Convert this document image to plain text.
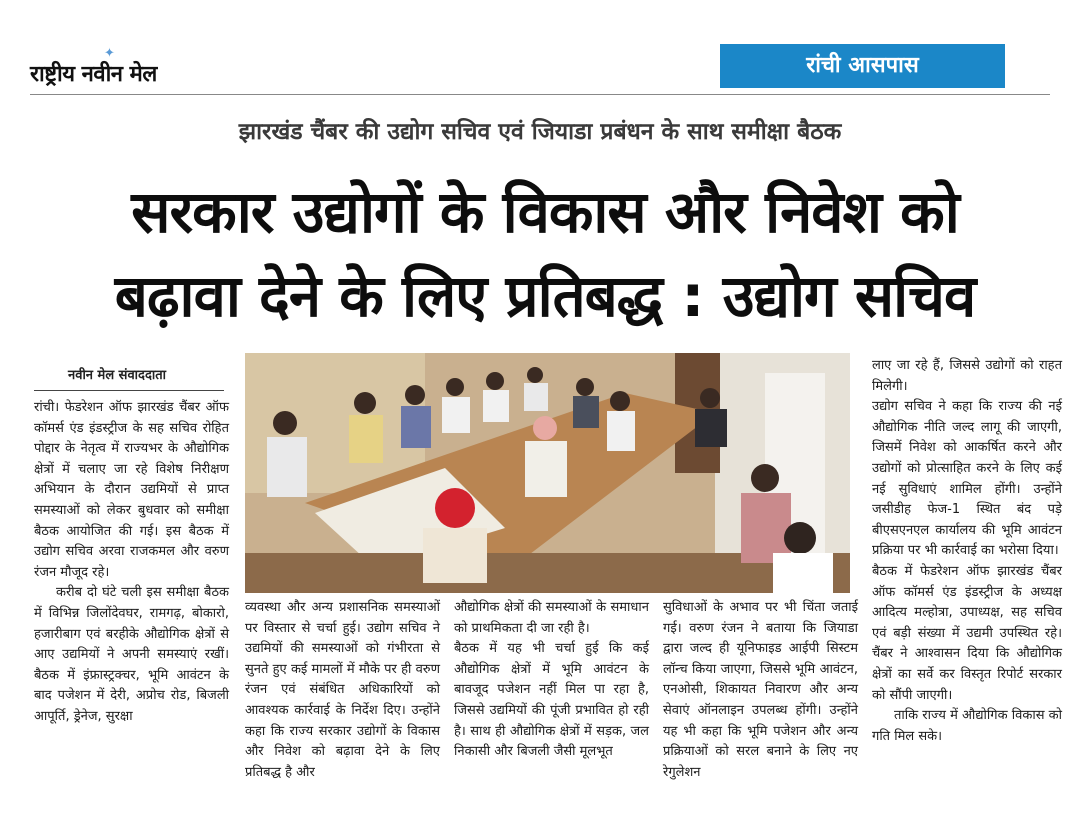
✦
राष्ट्रीय नवीन मेल	रांची आसपास
झारखंड चैंबर की उद्योग सचिव एवं जियाडा प्रबंधन के साथ समीक्षा बैठक
सरकार उद्योगों के विकास और निवेश को
बढ़ावा देने के लिए प्रतिबद्ध : उद्योग सचिव
नवीन मेल संवाददाता

रांची। फेडरेशन ऑफ झारखंड चैंबर ऑफ कॉमर्स एंड इंडस्ट्रीज के सह सचिव रोहित पोद्दार के नेतृत्व में राज्यभर के औद्योगिक क्षेत्रों में चलाए जा रहे विशेष निरीक्षण अभियान के दौरान उद्यमियों से प्राप्त समस्याओं को लेकर बुधवार को समीक्षा बैठक आयोजित की गई। इस बैठक में उद्योग सचिव अरवा राजकमल और वरुण रंजन मौजूद रहे।

करीब दो घंटे चली इस समीक्षा बैठक में विभिन्न जिलोंदेवघर, रामगढ़, बोकारो, हजारीबाग एवं बरहीके औद्योगिक क्षेत्रों से आए उद्यमियों ने अपनी समस्याएं रखीं। बैठक में इंफ्रास्ट्रक्चर, भूमि आवंटन के बाद पजेशन में देरी, अप्रोच रोड, बिजली आपूर्ति, ड्रेनेज, सुरक्षा

व्यवस्था और अन्य प्रशासनिक समस्याओं पर विस्तार से चर्चा हुई। उद्योग सचिव ने उद्यमियों की समस्याओं को गंभीरता से सुनते हुए कई मामलों में मौके पर ही वरुण रंजन एवं संबंधित अधिकारियों को आवश्यक कार्रवाई के निर्देश दिए। उन्होंने कहा कि राज्य सरकार उद्योगों के विकास और निवेश को बढ़ावा देने के लिए प्रतिबद्ध है और

औद्योगिक क्षेत्रों की समस्याओं के समाधान को प्राथमिकता दी जा रही है।

बैठक में यह भी चर्चा हुई कि कई औद्योगिक क्षेत्रों में भूमि आवंटन के बावजूद पजेशन नहीं मिल पा रहा है, जिससे उद्यमियों की पूंजी प्रभावित हो रही है। साथ ही औद्योगिक क्षेत्रों में सड़क, जल निकासी और बिजली जैसी मूलभूत

सुविधाओं के अभाव पर भी चिंता जताई गई। वरुण रंजन ने बताया कि जियाडा द्वारा जल्द ही यूनिफाइड आईपी सिस्टम लॉन्च किया जाएगा, जिससे भूमि आवंटन, एनओसी, शिकायत निवारण और अन्य सेवाएं ऑनलाइन उपलब्ध होंगी। उन्होंने यह भी कहा कि भूमि पजेशन और अन्य प्रक्रियाओं को सरल बनाने के लिए नए रेगुलेशन

लाए जा रहे हैं, जिससे उद्योगों को राहत मिलेगी।

उद्योग सचिव ने कहा कि राज्य की नई औद्योगिक नीति जल्द लागू की जाएगी, जिसमें निवेश को आकर्षित करने और उद्योगों को प्रोत्साहित करने के लिए कई नई सुविधाएं शामिल होंगी। उन्होंने जसीडीह फेज-1 स्थित बंद पड़े बीएसएनएल कार्यालय की भूमि आवंटन प्रक्रिया पर भी कार्रवाई का भरोसा दिया।

बैठक में फेडरेशन ऑफ झारखंड चैंबर ऑफ कॉमर्स एंड इंडस्ट्रीज के अध्यक्ष आदित्य मल्होत्रा, उपाध्यक्ष, सह सचिव एवं बड़ी संख्या में उद्यमी उपस्थित रहे। चैंबर ने आश्वासन दिया कि औद्योगिक क्षेत्रों का सर्वे कर विस्तृत रिपोर्ट सरकार को सौंपी जाएगी।

ताकि राज्य में औद्योगिक विकास को गति मिल सके।
